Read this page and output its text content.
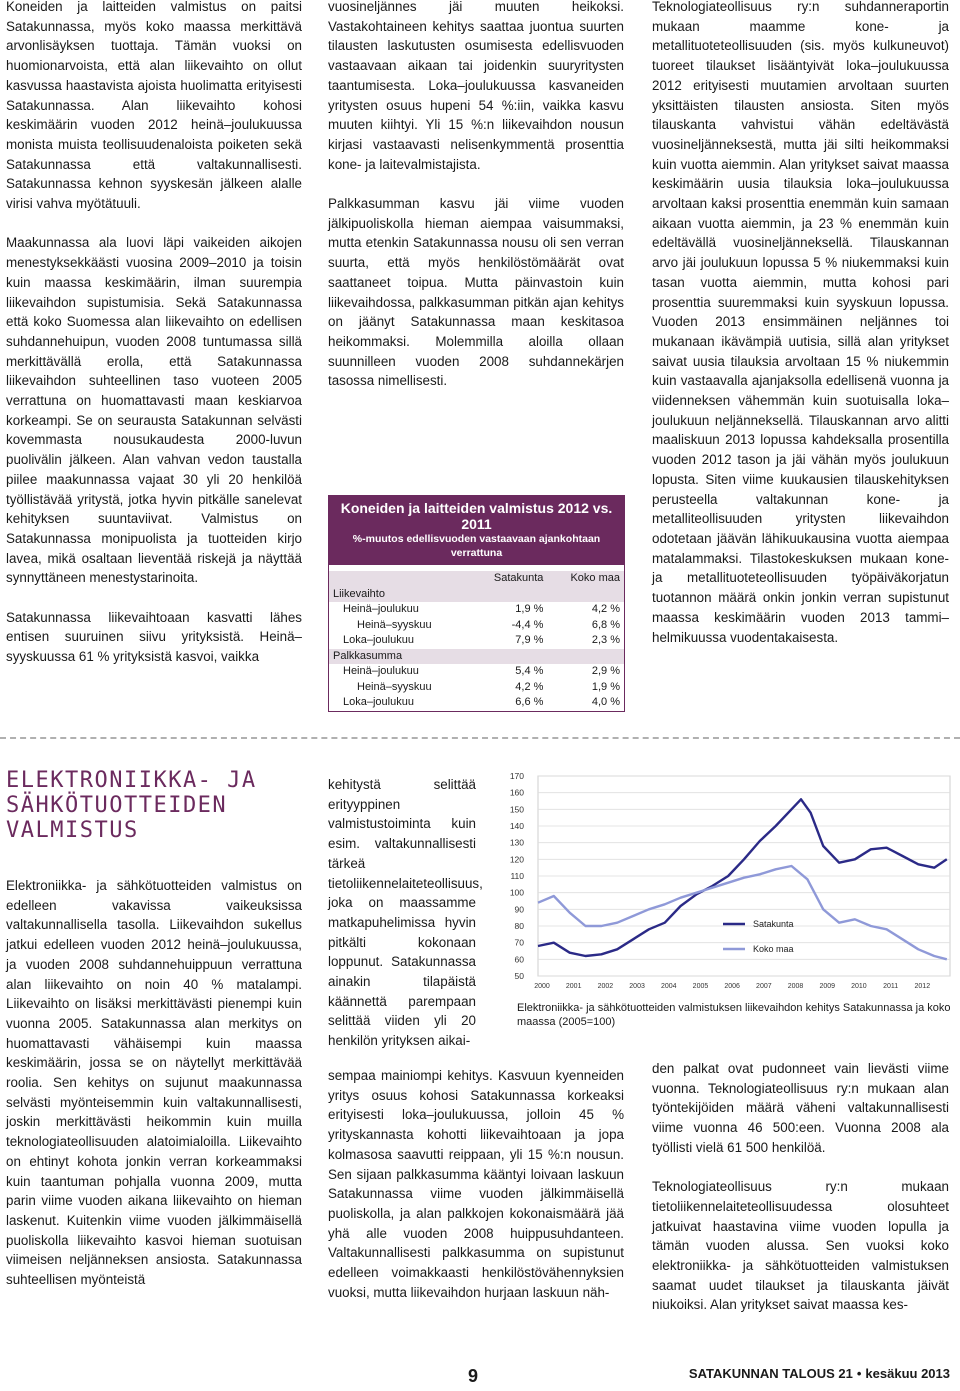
Koneiden ja laitteiden valmistus on paitsi Satakunnassa, myös koko maassa merkittävä arvonlisäyksen tuottaja. Tämän vuoksi on huomionarvoista, että alan liikevaihto on ollut kasvussa haastavista ajoista huolimatta erityisesti Satakunnassa. Alan liikevaihto kohosi keskimäärin vuoden 2012 heinä–joulukuussa monista muista teollisuudenaloista poiketen sekä Satakunnassa että valtakunnallisesti. Satakunnassa kehnon syyskesän jälkeen alalle virisi vahva myötätuuli.

Maakunnassa ala luovi läpi vaikeiden aikojen menestyksekkäästi vuosina 2009–2010 ja toisin kuin maassa keskimäärin, ilman suurempia liikevaihdon supistumisia. Sekä Satakunnassa että koko Suomessa alan liikevaihto on edellisen suhdannehuipun, vuoden 2008 tuntumassa sillä merkittävällä erolla, että Satakunnassa liikevaihdon suhteellinen taso vuoteen 2005 verrattuna on huomattavasti maan keskiarvoa korkeampi. Se on seurausta Satakunnan selvästi kovemmasta nousukaudesta 2000-luvun puolivälin jälkeen. Alan vahvan vedon taustalla piilee maakunnassa vajaat 30 yli 20 henkilöä työllistävää yritystä, jotka hyvin pitkälle sanelevat kehityksen suuntaviivat. Valmistus on Satakunnassa monipuolista ja tuotteiden kirjo lavea, mikä osaltaan lieventää riskejä ja näyttää synnyttäneen menestystarinoita.

Satakunnassa liikevaihtoaan kasvatti lähes entisen suuruinen siivu yrityksistä. Heinä–syyskuussa 61 % yrityksistä kasvoi, vaikka

vuosineljännes jäi muuten heikoksi. Vastakohtaineen kehitys saattaa juontua suurten tilausten laskutusten osumisesta edellisvuoden vastaavaan aikaan tai joidenkin suuryritysten taantumisesta. Loka–joulukuussa kasvaneiden yritysten osuus hupeni 54 %:iin, vaikka kasvu muuten kiihtyi. Yli 15 %:n liikevaihdon nousun kirjasi vastaavasti nelisenkymmentä prosenttia kone- ja laitevalmistajista.

Palkkasumman kasvu jäi viime vuoden jälkipuoliskolla hieman aiempaa vaisummaksi, mutta etenkin Satakunnassa nousu oli sen verran suurta, että myös henkilöstömäärät ovat saattaneet toipua. Mutta päinvastoin kuin liikevaihdossa, palkkasumman pitkän ajan kehitys on jäänyt Satakunnassa maan keskitasoa heikommaksi. Molemmilla aloilla ollaan suunnilleen vuoden 2008 suhdannekärjen tasossa nimellisesti.

Teknologiateollisuus ry:n suhdanneraportin mukaan maamme kone- ja metallituoteteollisuuden (sis. myös kulkuneuvot) tuoreet tilaukset lisääntyivät loka–joulukuussa 2012 erityisesti muutamien arvoltaan suurten yksittäisten tilausten ansiosta. Siten myös tilauskanta vahvistui vähän edeltävästä vuosineljänneksestä, mutta jäi silti heikommaksi kuin vuotta aiemmin. Alan yritykset saivat maassa keskimäärin uusia tilauksia loka–joulukuussa arvoltaan kaksi prosenttia enemmän kuin samaan aikaan vuotta aiemmin, ja 23 % enemmän kuin edeltävällä vuosineljänneksellä. Tilauskannan arvo jäi joulukuun lopussa 5 % niukemmaksi kuin tasan vuotta aiemmin, mutta kohosi pari prosenttia suuremmaksi kuin syyskuun lopussa. Vuoden 2013 ensimmäinen neljännes toi mukanaan ikävämpiä uutisia, sillä alan yritykset saivat uusia tilauksia arvoltaan 15 % niukemmin kuin vastaavalla ajanjaksolla edellisenä vuonna ja viidenneksen vähemmän kuin suotuisalla loka–joulukuun neljänneksellä. Tilauskannan arvo alitti maaliskuun 2013 lopussa kahdeksalla prosentilla vuoden 2012 tason ja jäi vähän myös joulukuun lopusta. Siten viime kuukausien tilauskehityksen perusteella valtakunnan kone- ja metalliteollisuuden yritysten liikevaihdon odotetaan jäävän lähikuukausina vuotta aiempaa matalammaksi. Tilastokeskuksen mukaan kone- ja metallituoteteollisuuden työpäiväkorjatun tuotannon määrä onkin jonkin verran supistunut maassa keskimäärin vuoden 2013 tammi–helmikuussa vuodentakaisesta.

Koneiden ja laitteiden valmistus 2012 vs. 2011
%-muutos edellisvuoden vastaavaan ajankohtaan verrattuna
	Satakunta	Koko maa
Liikevaihto		
Heinä–joulukuu	1,9 %	4,2 %
Heinä–syyskuu	-4,4 %	6,8 %
Loka–joulukuu	7,9 %	2,3 %
Palkkasumma		
Heinä–joulukuu	5,4 %	2,9 %
Heinä–syyskuu	4,2 %	1,9 %
Loka–joulukuu	6,6 %	4,0 %
ELEKTRONIIKKA- JA SÄHKÖTUOTTEIDEN VALMISTUS

Elektroniikka- ja sähkötuotteiden valmistus on edelleen vakavissa vaikeuksissa valtakunnallisella tasolla. Liikevaihdon sukellus jatkui edelleen vuoden 2012 heinä–joulukuussa, ja vuoden 2008 suhdannehuippuun verrattuna alan liikevaihto on noin 40 % matalampi. Liikevaihto on lisäksi merkittävästi pienempi kuin vuonna 2005. Satakunnassa alan merkitys on huomattavasti vähäisempi kuin maassa keskimäärin, jossa se on näytellyt merkittävää roolia. Sen kehitys on sujunut maakunnassa selvästi myönteisemmin kuin valtakunnallisesti, joskin merkittävästi heikommin kuin muilla teknologiateollisuuden alatoimialoilla. Liikevaihto on ehtinyt kohota jonkin verran korkeammaksi kuin taantuman pohjalla vuonna 2009, mutta parin viime vuoden aikana liikevaihto on hieman laskenut. Kuitenkin viime vuoden jälkimmäisellä puoliskolla liikevaihto kasvoi hieman suotuisan viimeisen neljänneksen ansiosta. Satakunnassa suhteellisen myönteistä

kehitystä selittää erityyppinen valmistustoiminta kuin esim. valtakunnallisesti tärkeä tietoliikennelaiteteollisuus, joka on maassamme matkapuhelimissa hyvin pitkälti kokonaan loppunut. Satakunnassa ainakin tilapäistä käännettä parempaan selittää viiden yli 20 henkilön yrityksen aikai-

sempaa mainiompi kehitys. Kasvuun kyenneiden yritys osuus kohosi Satakunnassa korkeaksi erityisesti loka–joulukuussa, jolloin 45 % yrityskannasta kohotti liikevaihtoaan ja jopa kolmasosa saavutti reippaan, yli 15 %:n nousun. Sen sijaan palkkasumma kääntyi loivaan laskuun Satakunnassa viime vuoden jälkimmäisellä puoliskolla, ja alan palkkojen kokonaismäärä jää yhä alle vuoden 2008 huippusuhdanteen. Valtakunnallisesti palkkasumma on supistunut edelleen voimakkaasti henkilöstövähennyksien vuoksi, mutta liikevaihdon hurjaan laskuun näh-

den palkat ovat pudonneet vain lievästi viime vuonna. Teknologiateollisuus ry:n mukaan alan työntekijöiden määrä väheni valtakunnallisesti viime vuonna 46 500:een. Vuonna 2008 ala työllisti vielä 61 500 henkilöä.

Teknologiateollisuus ry:n mukaan tietoliikennelaiteteollisuudessa olosuhteet jatkuivat haastavina viime vuoden lopulla ja tämän vuoden alussa. Sen vuoksi koko elektroniikka- ja sähkötuotteiden valmistuksen saamat uudet tilaukset ja tilauskanta jäivät niukoiksi. Alan yritykset saivat maassa kes-

50
60
70
80
90
100
110
120
130
140
150
160
170
2000 2001 2002 2003 2004 2005 2006 2007 2008 2009 2010 2011 2012
Satakunta
Koko maa
Elektroniikka- ja sähkötuotteiden valmistuksen liikevaihdon kehitys Satakunnassa ja koko maassa (2005=100)
9	SATAKUNNAN TALOUS 21 • kesäkuu 2013
